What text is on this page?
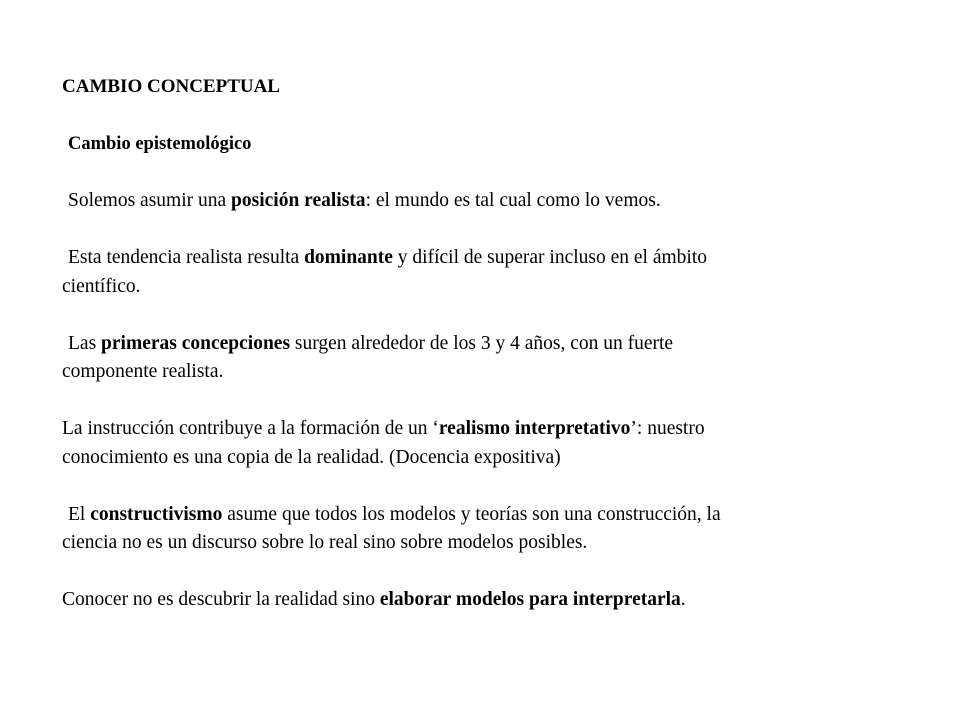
CAMBIO CONCEPTUAL
Cambio epistemológico
Solemos asumir una posición realista: el mundo es tal cual como lo vemos.
Esta tendencia realista resulta dominante y difícil de superar incluso en el ámbito
científico.
Las primeras concepciones surgen alrededor de los 3 y 4 años, con un fuerte
componente realista.
La instrucción contribuye a la formación de un ‘realismo interpretativo’: nuestro
conocimiento es una copia de la realidad. (Docencia expositiva)
El constructivismo asume que todos los modelos y teorías son una construcción, la
ciencia no es un discurso sobre lo real sino sobre modelos posibles.
Conocer no es descubrir la realidad sino elaborar modelos para interpretarla.
